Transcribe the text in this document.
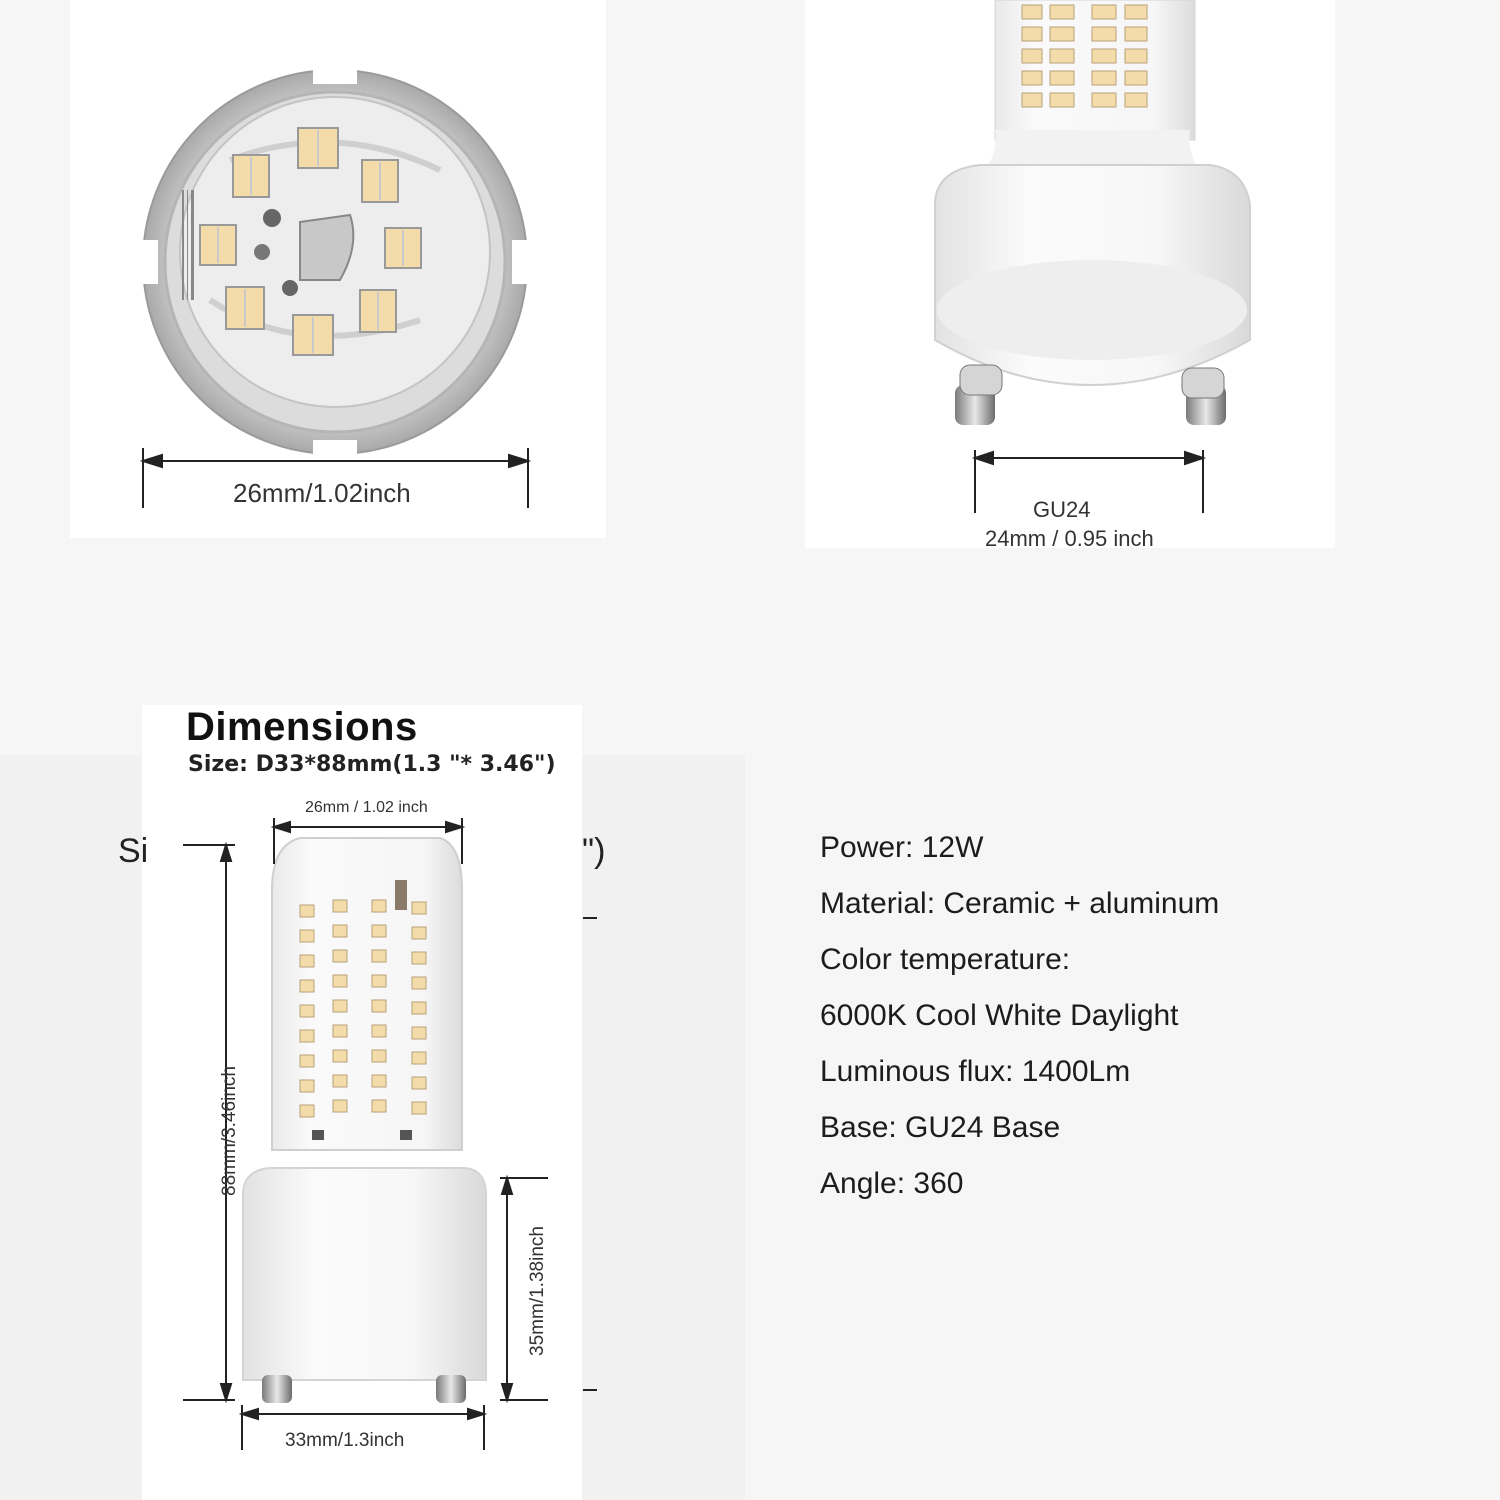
Si	")
26mm/1.02inch
GU24
24mm / 0.95 inch
Dimensions
Size: D33*88mm(1.3 "* 3.46")
26mm / 1.02 inch
88mm/3.46inch
35mm/1.38inch
33mm/1.3inch
Power: 12W
Material: Ceramic + aluminum
Color temperature:
6000K Cool White Daylight
Luminous flux: 1400Lm
Base: GU24 Base
Angle: 360
